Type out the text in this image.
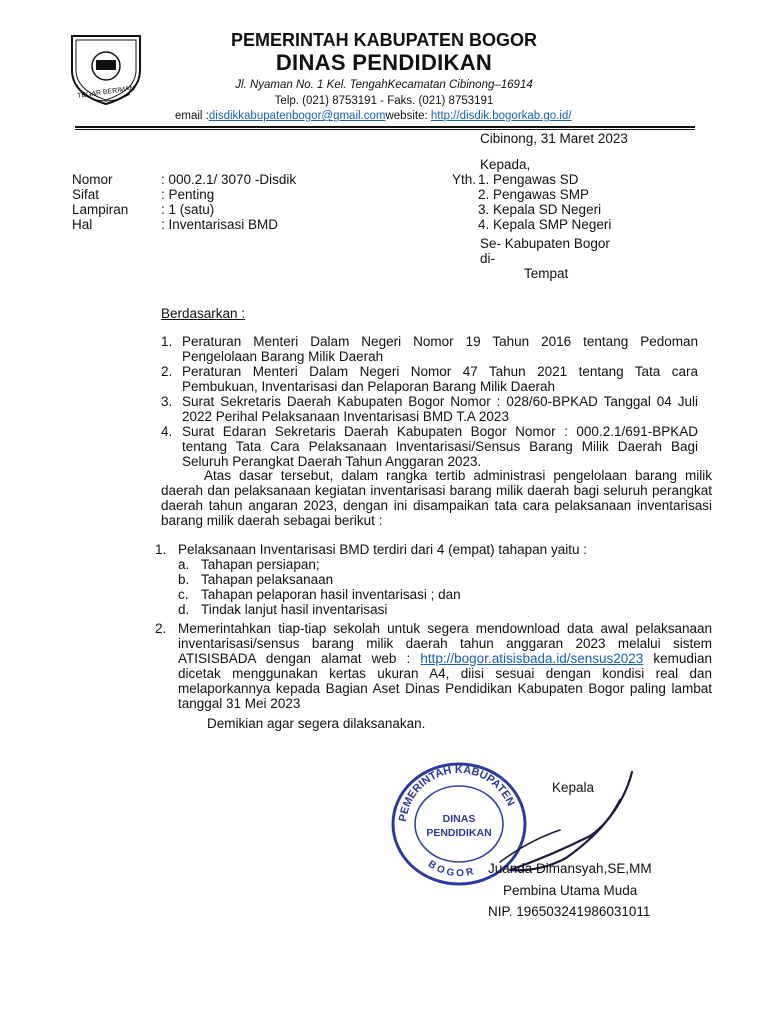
TEGAR BERIMAN
PEMERINTAH KABUPATEN BOGOR
DINAS PENDIDIKAN
Jl. Nyaman No. 1 Kel. TengahKecamatan Cibinong–16914
Telp. (021) 8753191 - Faks. (021) 8753191
email :disdikkabupatenbogor@gmail.comwebsite: http://disdik.bogorkab.go.id/
Cibinong, 31 Maret 2023
Kepada,
Yth. 1. Pengawas SD
2. Pengawas SMP
3. Kepala SD Negeri
4. Kepala SMP Negeri
Se- Kabupaten Bogor
di-
Tempat
Nomor	: 000.2.1/ 3070 -Disdik
Sifat	: Penting
Lampiran : 1 (satu)
Hal	: Inventarisasi BMD
Berdasarkan :
1. Peraturan Menteri Dalam Negeri Nomor 19 Tahun 2016 tentang Pedoman Pengelolaan Barang Milik Daerah
2. Peraturan Menteri Dalam Negeri Nomor 47 Tahun 2021 tentang Tata cara Pembukuan, Inventarisasi dan Pelaporan Barang Milik Daerah
3. Surat Sekretaris Daerah Kabupaten Bogor Nomor : 028/60-BPKAD Tanggal 04 Juli 2022 Perihal Pelaksanaan Inventarisasi BMD T.A 2023
4. Surat Edaran Sekretaris Daerah Kabupaten Bogor Nomor : 000.2.1/691-BPKAD tentang Tata Cara Pelaksanaan Inventarisasi/Sensus Barang Milik Daerah Bagi Seluruh Perangkat Daerah Tahun Anggaran 2023.
Atas dasar tersebut, dalam rangka tertib administrasi pengelolaan barang milik daerah dan pelaksanaan kegiatan inventarisasi barang milik daerah bagi seluruh perangkat daerah tahun angaran 2023, dengan ini disampaikan tata cara pelaksanaan inventarisasi barang milik daerah sebagai berikut :
1. Pelaksanaan Inventarisasi BMD terdiri dari 4 (empat) tahapan yaitu :
a. Tahapan persiapan;
b. Tahapan pelaksanaan
c. Tahapan pelaporan hasil inventarisasi ; dan
d. Tindak lanjut hasil inventarisasi
2. Memerintahkan tiap-tiap sekolah untuk segera mendownload data awal pelaksanaan inventarisasi/sensus barang milik daerah tahun anggaran 2023 melalui sistem ATISISBADA dengan alamat web : http://bogor.atisisbada.id/sensus2023 kemudian dicetak menggunakan kertas ukuran A4, diisi sesuai dengan kondisi real dan melaporkannya kepada Bagian Aset Dinas Pendidikan Kabupaten Bogor paling lambat tanggal 31 Mei 2023
Demikian agar segera dilaksanakan.
PEMERINTAH KABUPATEN
DINAS
PENDIDIKAN
B O G O R
Kepala
Juanda Dimansyah,SE,MM
Pembina Utama Muda
NIP. 196503241986031011
